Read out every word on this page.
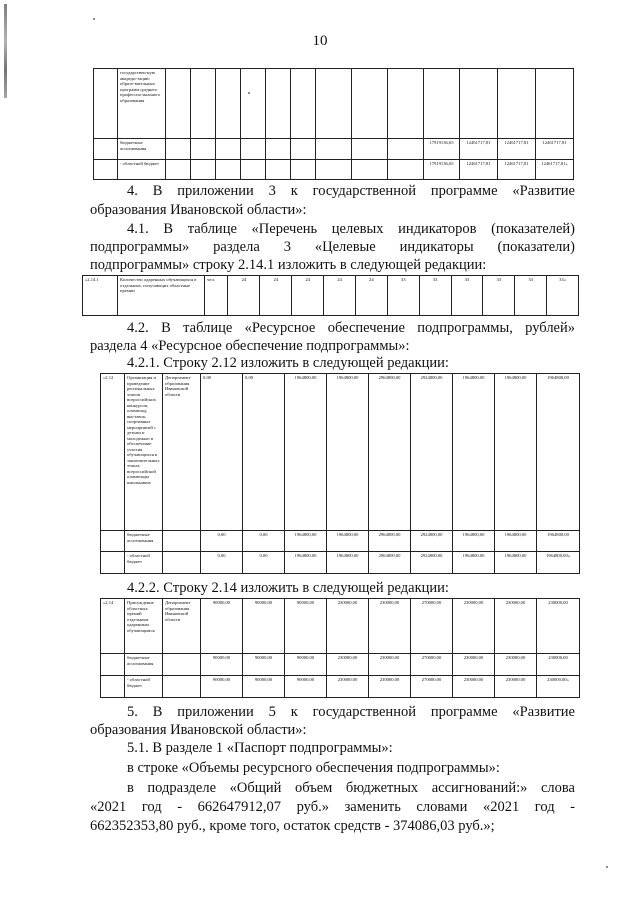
10
	государствен-ную аккреди-тацию образо-вательных программ среднего профессио-нального образования													
	бюджетные ассигнования										17919136,65	12461717,81	12461717,81	12461717,81
	- областной бюджет										17919136,65	12461717,81	12461717,81	12461717,81»

4. В приложении 3 к государственной программе «Развитие

образования Ивановской области»:

4.1. В таблице «Перечень целевых индикаторов (показателей)

подпрограммы» раздела 3 «Целевые индикаторы (показатели)

подпрограммы» строку 2.14.1 изложить в следующей редакции:

«2.14.1	Количество одаренных обучающихся в отдельных, получающих областные премии	чел.	24	24	24	24	24	33	33	33	33	33	33»

4.2. В таблице «Ресурсное обеспечение подпрограммы, рублей»

раздела 4 «Ресурсное обеспечение подпрограммы»:

4.2.1. Строку 2.12 изложить в следующей редакции:

«2.12	Организация и проведение региональных этапов всероссийских конкурсов, олимпиад, выставок, спортивных мероприятий с детьми и молодежью в обеспечение участия обучающихся в заключительных этапах всероссийской олимпиады школьников	Департамент образования Ивановской области	0,00	0,00	1964800,00	1964800,00	2964800,00	2924800,00	1964800,00	1964800,00	1964800,00
	бюджетные ассигнования		0,00	0,00	1964800,00	1964800,00	2964800,00	2924800,00	1964800,00	1964800,00	1964800,00
	- областной бюджет		0,00	0,00	1964800,00	1964800,00	2964800,00	2924800,00	1964800,00	1964800,00	1964800,00»

4.2.2. Строку 2.14 изложить в следующей редакции:

«2.14	Присуждение областных премий отдельным одаренным обучающимся	Департамент образования Ивановской области	90000,00	90000,00	90000,00	230000,00	230000,00	270000,00	230000,00	230000,00	230000,00
	бюджетные ассигнования		90000,00	90000,00	90000,00	230000,00	230000,00	270000,00	230000,00	230000,00	230000,00
	- областной бюджет		90000,00	90000,00	90000,00	230000,00	230000,00	270000,00	230000,00	230000,00	230000,00»

5. В приложении 5 к государственной программе «Развитие

образования Ивановской области»:

5.1. В разделе 1 «Паспорт подпрограммы»:

в строке «Объемы ресурсного обеспечения подпрограммы»:

в подразделе «Общий объем бюджетных ассигнований:» слова

«2021 год - 662647912,07 руб.» заменить словами «2021 год -

662352353,80 руб., кроме того, остаток средств - 374086,03 руб.»;
